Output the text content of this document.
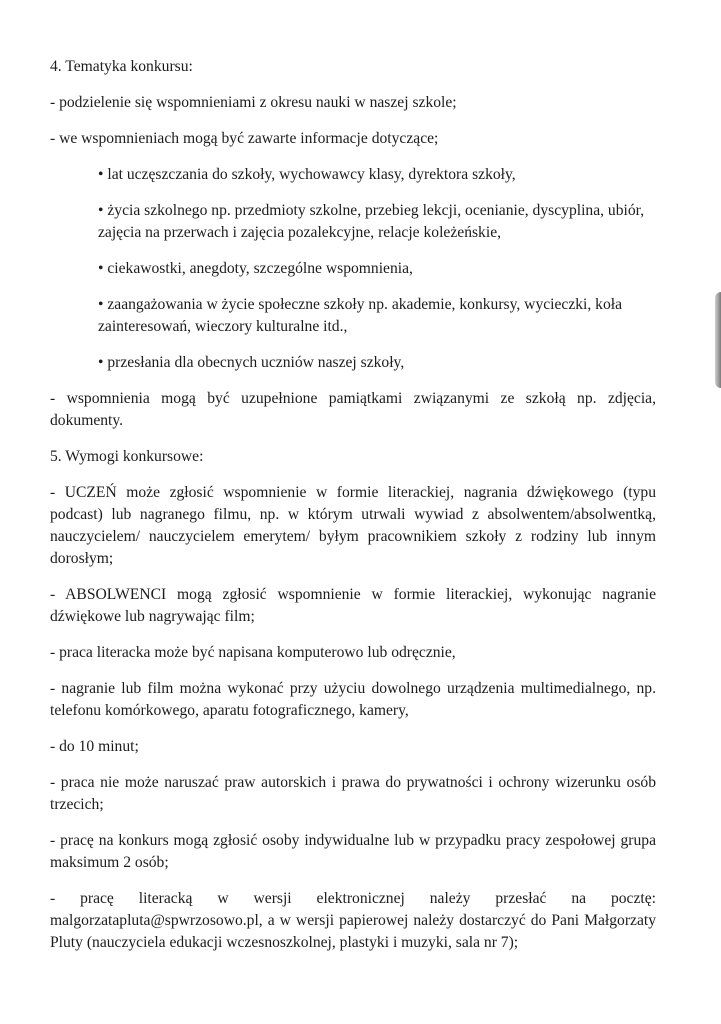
4. Tematyka konkursu:
- podzielenie się wspomnieniami z okresu nauki w naszej szkole;
- we wspomnieniach mogą być zawarte informacje dotyczące;
• lat uczęszczania do szkoły, wychowawcy klasy, dyrektora szkoły,
• życia szkolnego np. przedmioty szkolne, przebieg lekcji, ocenianie, dyscyplina, ubiór, zajęcia na przerwach i zajęcia pozalekcyjne, relacje koleżeńskie,
• ciekawostki, anegdoty, szczególne wspomnienia,
• zaangażowania w życie społeczne szkoły np. akademie, konkursy, wycieczki, koła zainteresowań, wieczory kulturalne itd.,
• przesłania dla obecnych uczniów naszej szkoły,
- wspomnienia mogą być uzupełnione pamiątkami związanymi ze szkołą np. zdjęcia, dokumenty.
5. Wymogi konkursowe:
- UCZEŃ może zgłosić wspomnienie w formie literackiej, nagrania dźwiękowego (typu podcast) lub nagranego filmu, np. w którym utrwali wywiad z absolwentem/absolwentką, nauczycielem/ nauczycielem emerytem/ byłym pracownikiem szkoły z rodziny lub innym dorosłym;
- ABSOLWENCI mogą zgłosić wspomnienie w formie literackiej, wykonując nagranie dźwiękowe lub nagrywając film;
- praca literacka może być napisana komputerowo lub odręcznie,
- nagranie lub film można wykonać przy użyciu dowolnego urządzenia multimedialnego, np. telefonu komórkowego, aparatu fotograficznego, kamery,
- do 10 minut;
- praca nie może naruszać praw autorskich i prawa do prywatności i ochrony wizerunku osób trzecich;
- pracę na konkurs mogą zgłosić osoby indywidualne lub w przypadku pracy zespołowej grupa maksimum 2 osób;
- pracę literacką w wersji elektronicznej należy przesłać na pocztę: malgorzatapluta@spwrzosowo.pl, a w wersji papierowej należy dostarczyć do Pani Małgorzaty Pluty (nauczyciela edukacji wczesnoszkolnej, plastyki i muzyki, sala nr 7);
